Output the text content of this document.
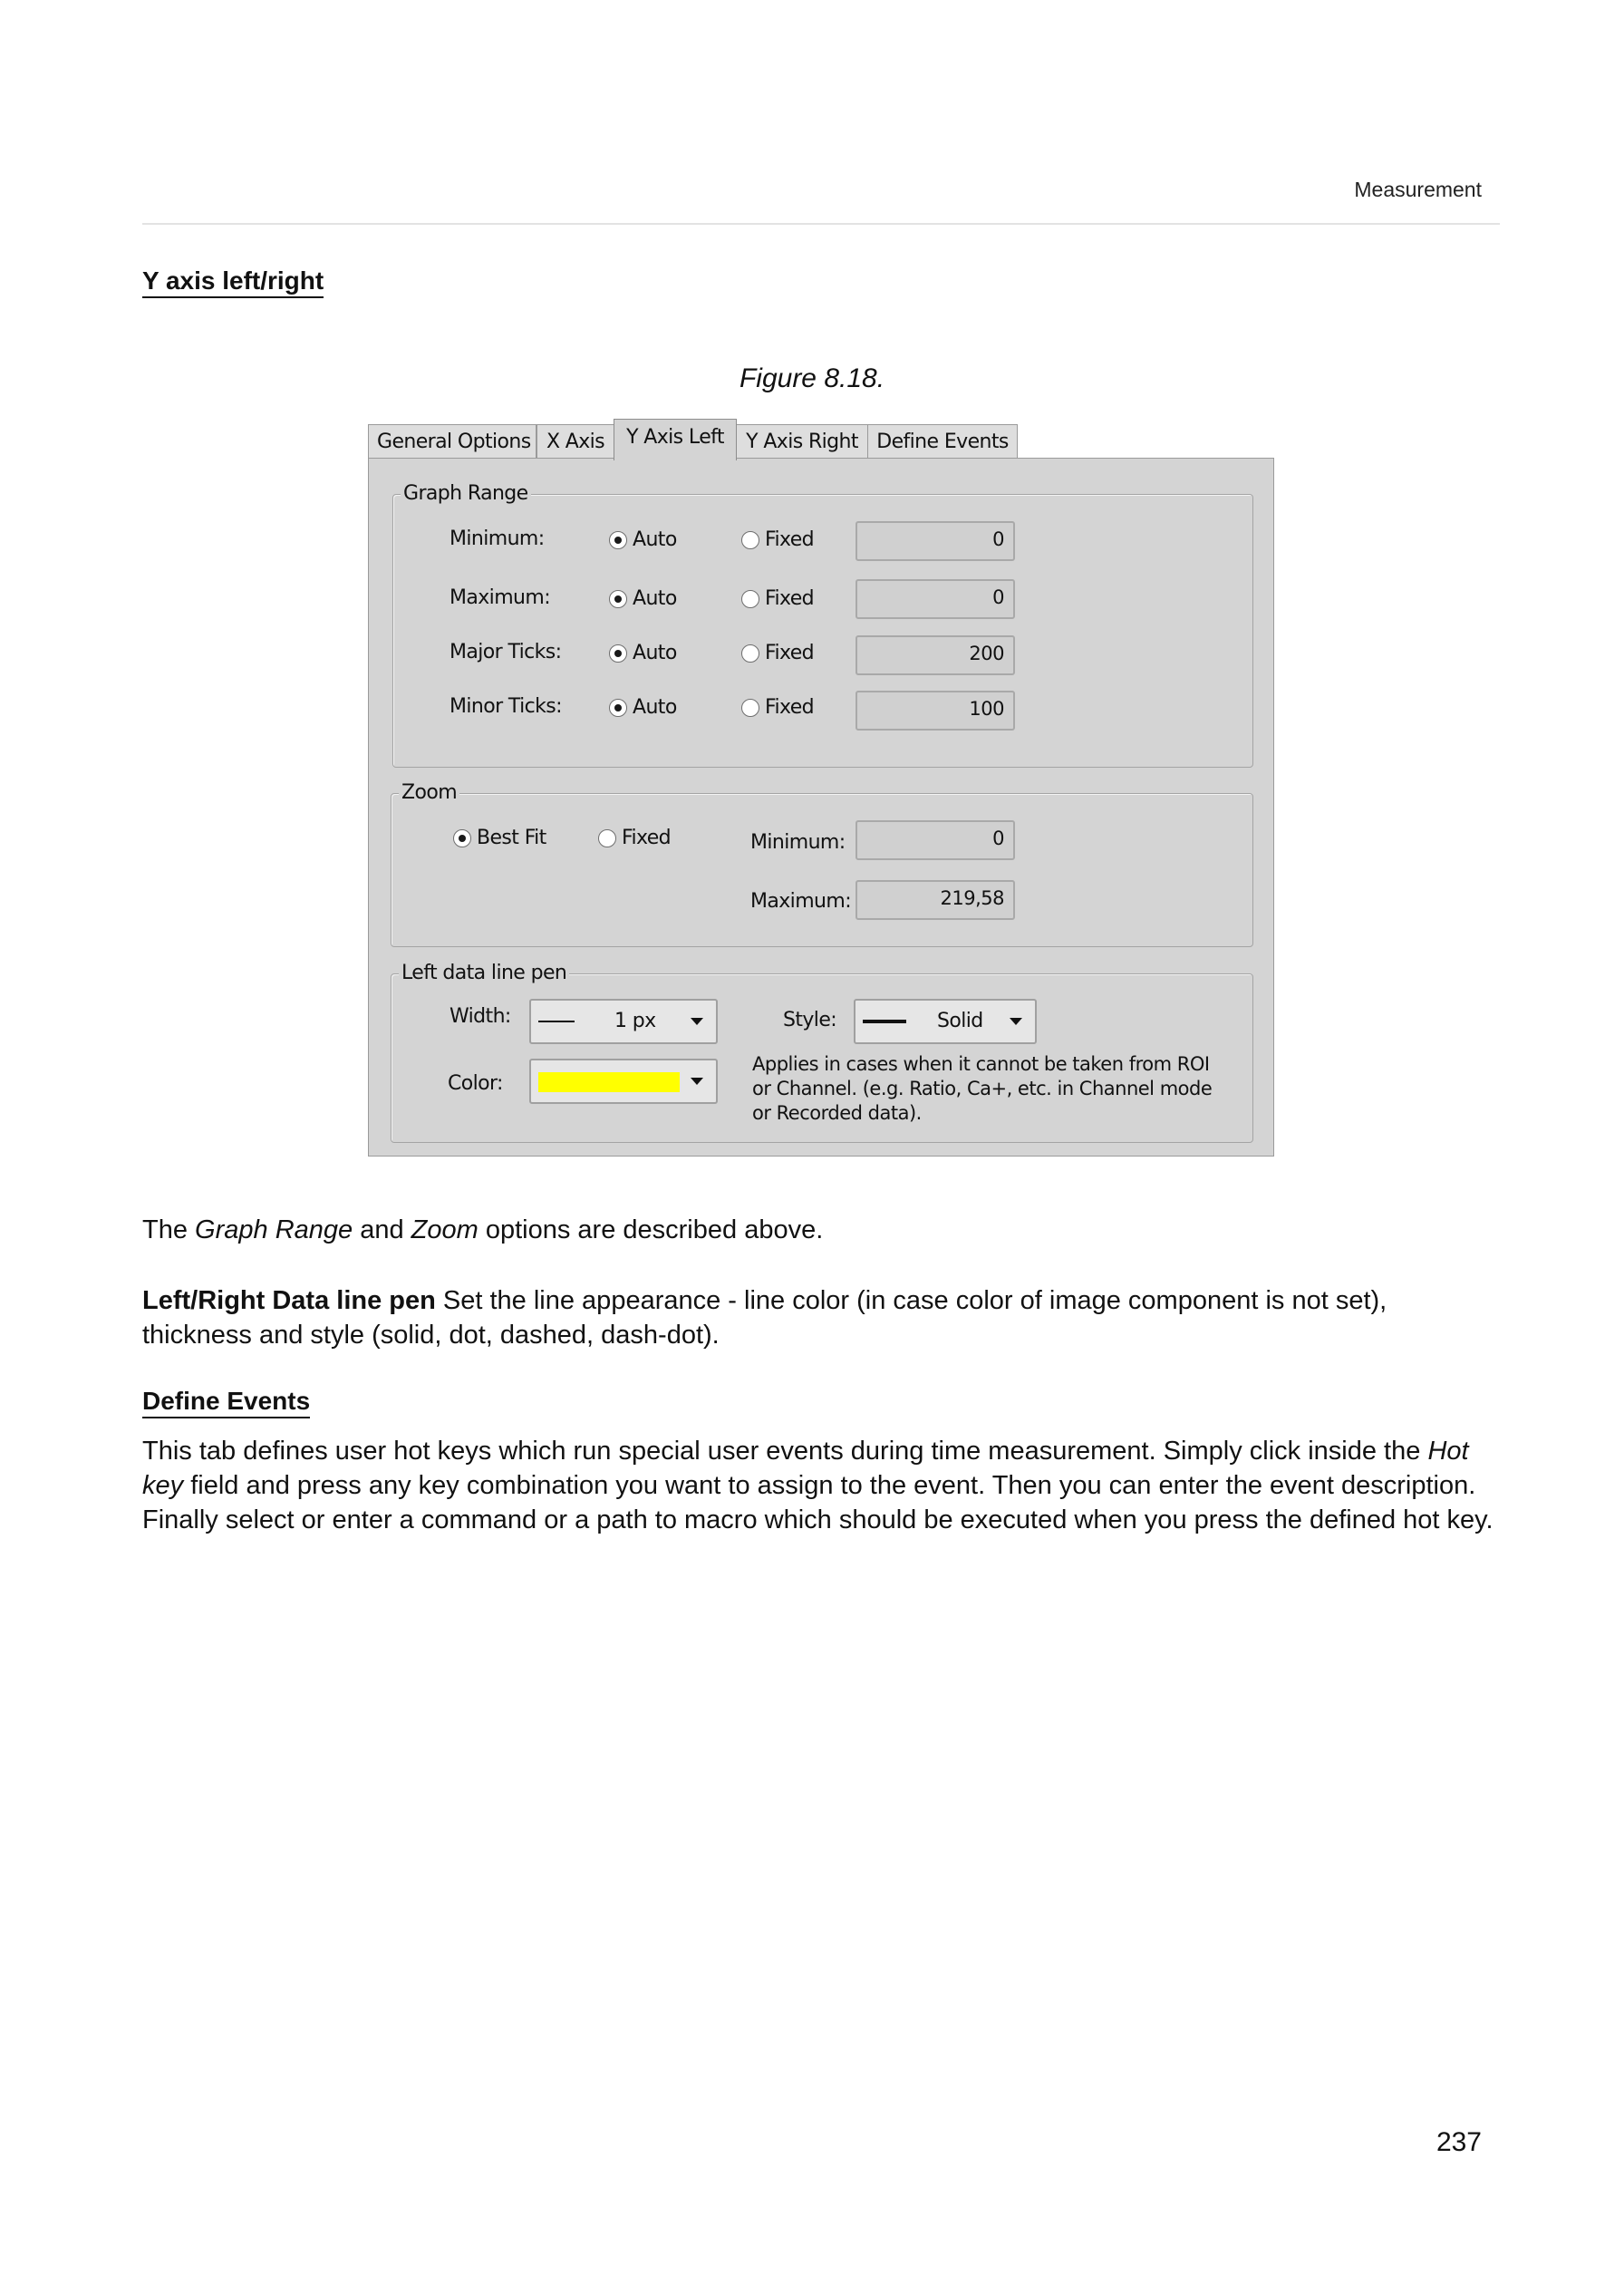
Measurement
Y axis left/right
Figure 8.18.
General Options X Axis	Y Axis Left	Y Axis Right Define Events
Graph Range
Minimum:	Auto	Fixed	0
Maximum:	Auto	Fixed	0
Major Ticks:	Auto	Fixed	200
Minor Ticks:	Auto	Fixed	100
Zoom
Best Fit	Fixed	Minimum:	0
Maximum:	219,58
Left data line pen
Width:	1 px	Style:	Solid
Color:
Applies in cases when it cannot be taken from ROI or Channel. (e.g. Ratio, Ca+, etc. in Channel mode or Recorded data).
The Graph Range and Zoom options are described above.
Left/Right Data line pen Set the line appearance - line color (in case color of image component is not set), thickness and style (solid, dot, dashed, dash-dot).
Define Events
This tab defines user hot keys which run special user events during time measurement. Simply click inside the Hot key field and press any key combination you want to assign to the event. Then you can enter the event description. Finally select or enter a command or a path to macro which should be executed when you press the defined hot key.
237
